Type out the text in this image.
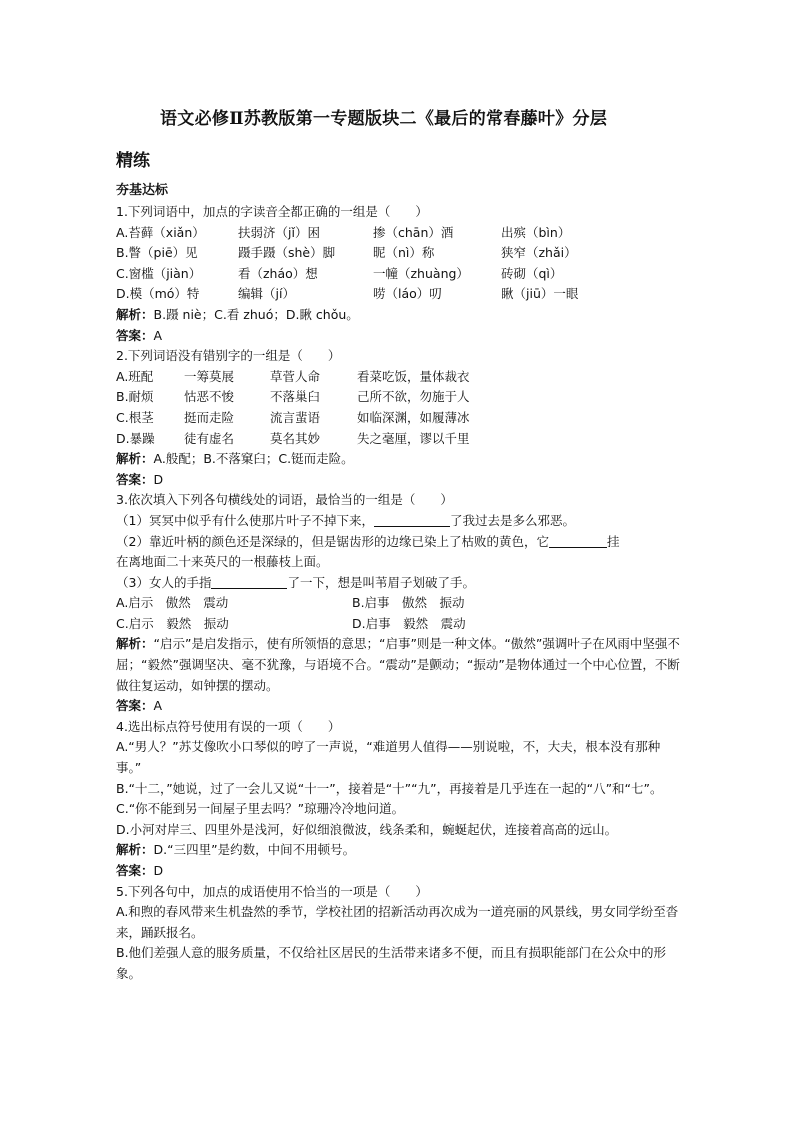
语文必修Ⅱ苏教版第一专题版块二《最后的常春藤叶》分层
精练
夯基达标
1.下列词语中，加点的字读音全都正确的一组是（　　）
A.苔藓（xiǎn）	扶弱济（jǐ）困	掺（chān）酒	出殡（bìn）
B.瞥（piē）见	蹑手蹑（shè）脚	昵（nì）称	狭窄（zhǎi）
C.窗槛（jiàn）	看（zháo）想	一幢（zhuàng）	砖砌（qì）
D.模（mó）特	编辑（jí）	唠（láo）叨	瞅（jiū）一眼
解析：B.蹑 niè；C.看 zhuó；D.瞅 chǒu。
答案：A
2.下列词语没有错别字的一组是（　　）
A.班配	一筹莫展	草菅人命	看菜吃饭，量体裁衣
B.耐烦	怙恶不悛	不落巢臼	己所不欲，勿施于人
C.根茎	挺而走险	流言蜚语	如临深渊，如履薄冰
D.暴躁	徒有虚名	莫名其妙	失之毫厘，谬以千里
解析：A.般配；B.不落窠臼；C.铤而走险。
答案：D
3.依次填入下列各句横线处的词语，最恰当的一组是（　　）
（1）冥冥中似乎有什么使那片叶子不掉下来，	了我过去是多么邪恶。
（2）靠近叶柄的颜色还是深绿的，但是锯齿形的边缘已染上了枯败的黄色，它	挂
在离地面二十来英尺的一根藤枝上面。
（3）女人的手指	了一下，想是叫苇眉子划破了手。
A.启示　傲然　震动	B.启事　傲然　振动
C.启示　毅然　振动	D.启事　毅然　震动
解析：“启示”是启发指示，使有所领悟的意思；“启事”则是一种文体。“傲然”强调叶子在风雨中坚强不屈；“毅然”强调坚决、毫不犹豫，与语境不合。“震动”是颤动；“振动”是物体通过一个中心位置，不断做往复运动，如钟摆的摆动。
答案：A
4.选出标点符号使用有误的一项（　　）
A.“男人？”苏艾像吹小口琴似的哼了一声说，“难道男人值得——别说啦，不，大夫，根本没有那种事。”
B.“十二，”她说，过了一会儿又说“十一”，接着是“十”“九”，再接着是几乎连在一起的“八”和“七”。
C.“你不能到另一间屋子里去吗？”琼珊冷冷地问道。
D.小河对岸三、四里外是浅河，好似细浪微波，线条柔和，蜿蜒起伏，连接着高高的远山。
解析：D.“三四里”是约数，中间不用顿号。
答案：D
5.下列各句中，加点的成语使用不恰当的一项是（　　）
A.和煦的春风带来生机盎然的季节，学校社团的招新活动再次成为一道亮丽的风景线，男女同学纷至沓来，踊跃报名。
B.他们差强人意的服务质量，不仅给社区居民的生活带来诸多不便，而且有损职能部门在公众中的形象。
